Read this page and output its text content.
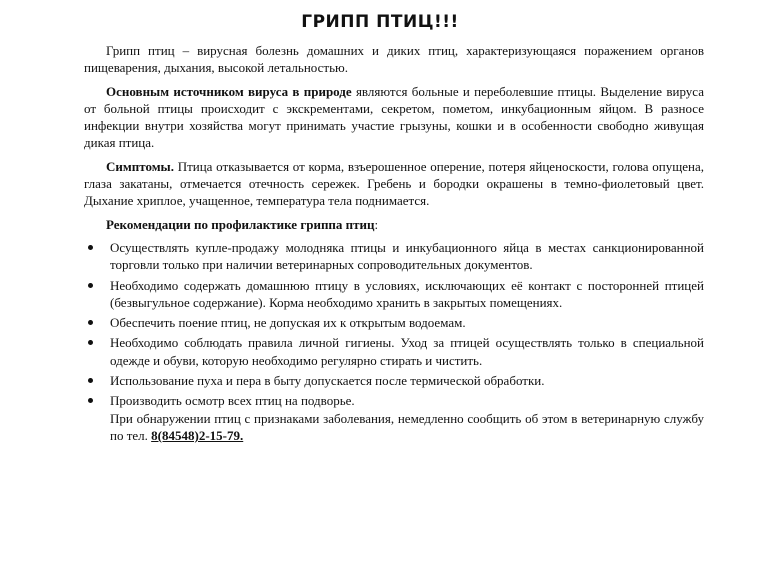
ГРИПП ПТИЦ!!!

Грипп птиц – вирусная болезнь домашних и диких птиц, характеризующаяся поражением органов пищеварения, дыхания, высокой летальностью.

Основным источником вируса в природе являются больные и переболевшие птицы. Выделение вируса от больной птицы происходит с экскрементами, секретом, пометом, инкубационным яйцом. В разносе инфекции внутри хозяйства могут принимать участие грызуны, кошки и в особенности свободно живущая дикая птица.

Симптомы. Птица отказывается от корма, взъерошенное оперение, потеря яйценоскости, голова опущена, глаза закатаны, отмечается отечность сережек. Гребень и бородки окрашены в темно-фиолетовый цвет. Дыхание хриплое, учащенное, температура тела поднимается.

Рекомендации по профилактике гриппа птиц:

Осуществлять купле-продажу молодняка птицы и инкубационного яйца в местах санкционированной торговли только при наличии ветеринарных сопроводительных документов.
Необходимо содержать домашнюю птицу в условиях, исключающих её контакт с посторонней птицей (безвыгульное содержание). Корма необходимо хранить в закрытых помещениях.
Обеспечить поение птиц, не допуская их к открытым водоемам.
Необходимо соблюдать правила личной гигиены. Уход за птицей осуществлять только в специальной одежде и обуви, которую необходимо регулярно стирать и чистить.
Использование пуха и пера в быту допускается после термической обработки.
Производить осмотр всех птиц на подворье.
При обнаружении птиц с признаками заболевания, немедленно сообщить об этом в ветеринарную службу по тел. 8(84548)2-15-79.
